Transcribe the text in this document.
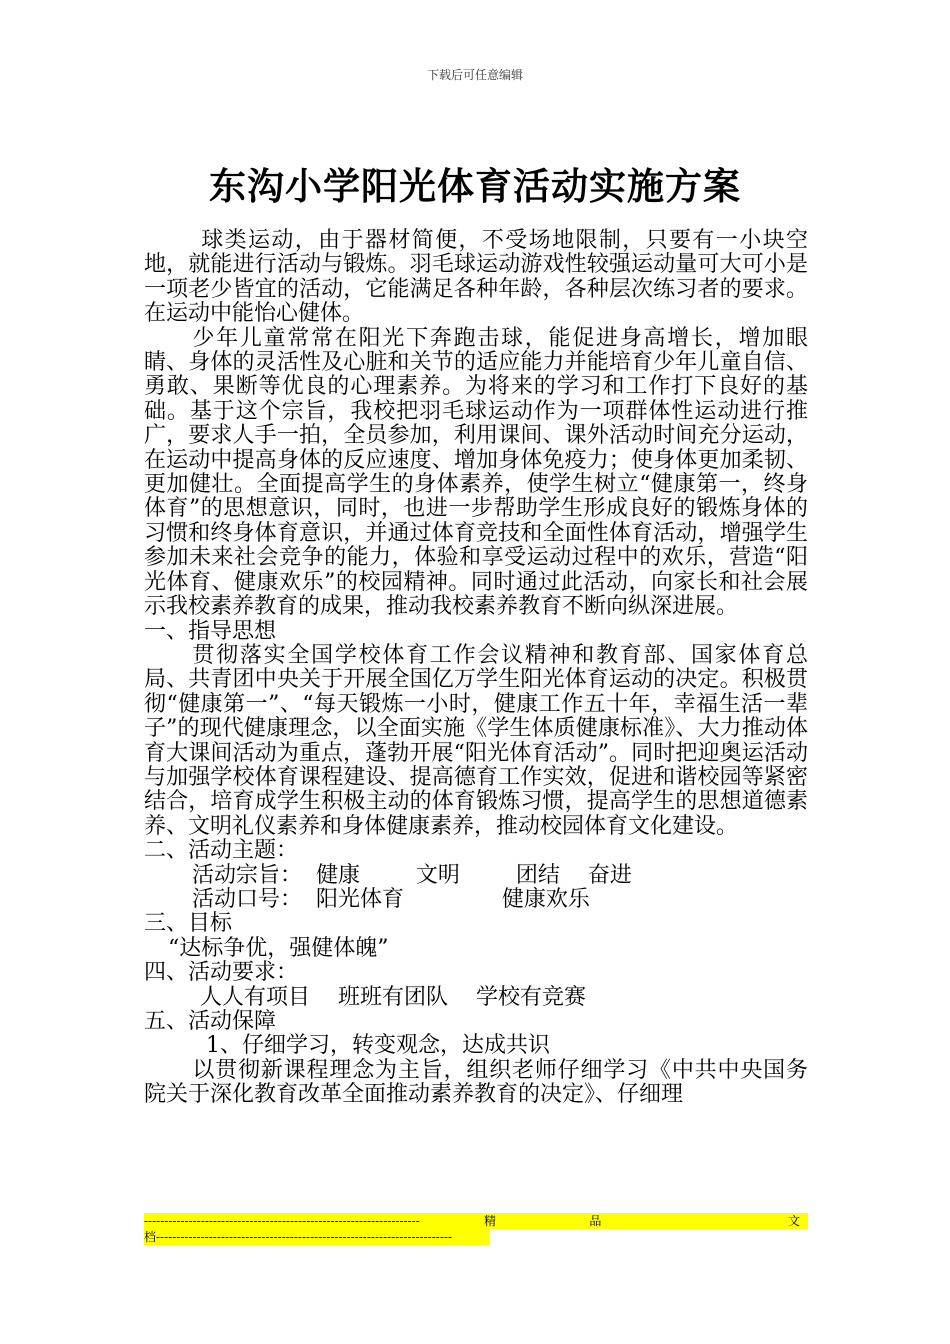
下载后可任意编辑
东沟小学阳光体育活动实施方案

球类运动，由于器材简便，不受场地限制，只要有一小块空地，就能进行活动与锻炼。羽毛球运动游戏性较强运动量可大可小是一项老少皆宜的活动，它能满足各种年龄，各种层次练习者的要求。在运动中能怡心健体。

少年儿童常常在阳光下奔跑击球，能促进身高增长，增加眼睛、身体的灵活性及心脏和关节的适应能力并能培育少年儿童自信、勇敢、果断等优良的心理素养。为将来的学习和工作打下良好的基础。基于这个宗旨，我校把羽毛球运动作为一项群体性运动进行推广，要求人手一拍，全员参加，利用课间、课外活动时间充分运动，在运动中提高身体的反应速度、增加身体免疫力；使身体更加柔韧、更加健壮。全面提高学生的身体素养，使学生树立“健康第一，终身体育”的思想意识，同时，也进一步帮助学生形成良好的锻炼身体的习惯和终身体育意识，并通过体育竞技和全面性体育活动，增强学生参加未来社会竞争的能力，体验和享受运动过程中的欢乐，营造“阳光体育、健康欢乐”的校园精神。同时通过此活动，向家长和社会展示我校素养教育的成果，推动我校素养教育不断向纵深进展。

一、指导思想

贯彻落实全国学校体育工作会议精神和教育部、国家体育总局、共青团中央关于开展全国亿万学生阳光体育运动的决定。积极贯彻“健康第一”、“每天锻炼一小时，健康工作五十年，幸福生活一辈子”的现代健康理念，以全面实施《学生体质健康标准》、大力推动体育大课间活动为重点，蓬勃开展“阳光体育活动”。同时把迎奥运活动与加强学校体育课程建设、提高德育工作实效，促进和谐校园等紧密结合，培育成学生积极主动的体育锻炼习惯，提高学生的思想道德素养、文明礼仪素养和身体健康素养，推动校园体育文化建设。

二、活动主题：

活动宗旨：  健康        文明        团结    奋进

活动口号：  阳光体育              健康欢乐

三、目标

“达标争优，强健体魄”

四、活动要求：

人人有项目    班班有团队    学校有竞赛

五、活动保障

1、仔细学习，转变观念，达成共识

以贯彻新课程理念为主旨，组织老师仔细学习《中共中央国务院关于深化教育改革全面推动素养教育的决定》、仔细理

--------------------------------------------------------------------	精	品	文
档-------------------------------------------------------------------------
